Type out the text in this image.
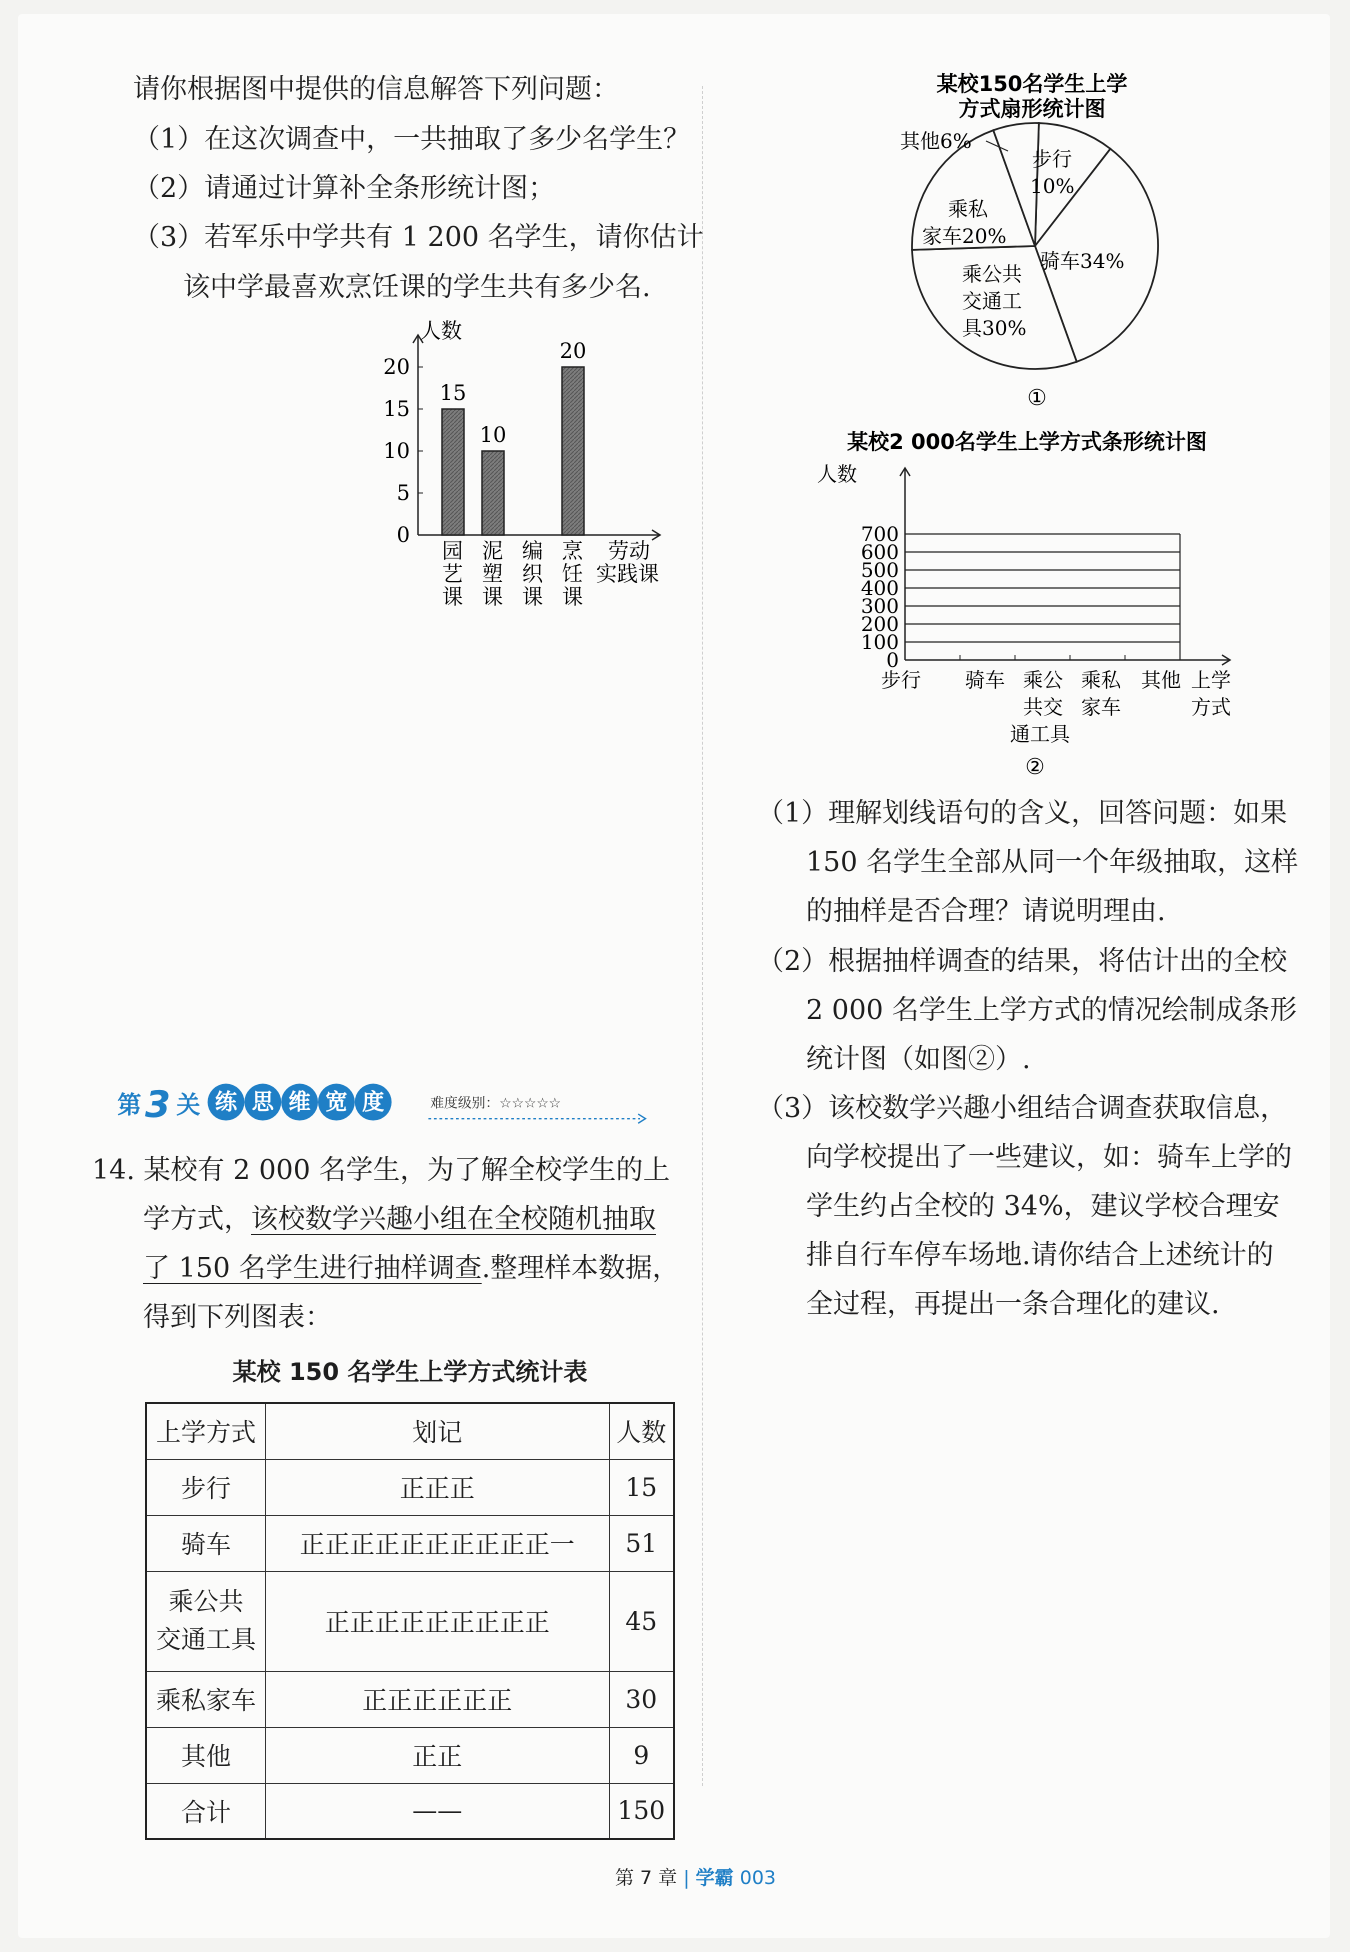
请你根据图中提供的信息解答下列问题：
（1）在这次调查中，一共抽取了多少名学生？
（2）请通过计算补全条形统计图；
（3）若军乐中学共有 1 200 名学生，请你估计
该中学最喜欢烹饪课的学生共有多少名.
人数
0
5
10
15
20
15
10
20
园
艺
课
泥
塑
课
编
织
课
烹
饪
课
劳动
实践课
某校150名学生上学
方式扇形统计图
步行
10%
骑车34%
乘公共
交通工
具30%
乘私
家车20%
其他6%
①
某校2 000名学生上学方式条形统计图
人数
0
100
200
300
400
500
600
700
步行 骑车 乘公
共交
通工具
乘私
家车
其他 上学
方式
②
（1）理解划线语句的含义，回答问题：如果
150 名学生全部从同一个年级抽取，这样
的抽样是否合理？请说明理由.
（2）根据抽样调查的结果，将估计出的全校
2 000 名学生上学方式的情况绘制成条形
统计图（如图②）.
（3）该校数学兴趣小组结合调查获取信息，
向学校提出了一些建议，如：骑车上学的
学生约占全校的 34%，建议学校合理安
排自行车停车场地.请你结合上述统计的
全过程，再提出一条合理化的建议.
第 3 关 练 思 维 宽 度	难度级别：☆☆☆☆☆
14. 某校有 2 000 名学生，为了解全校学生的上
学方式，该校数学兴趣小组在全校随机抽取
了 150 名学生进行抽样调查.整理样本数据，
得到下列图表：
某校 150 名学生上学方式统计表
上学方式	划记	人数
步行	正正正	15
骑车	正正正正正正正正正正一	51

乘公共
交通工具	正正正正正正正正正	45
乘私家车	正正正正正正	30
其他	正正	9
合计	——	150
第 7 章 | 学霸 003
